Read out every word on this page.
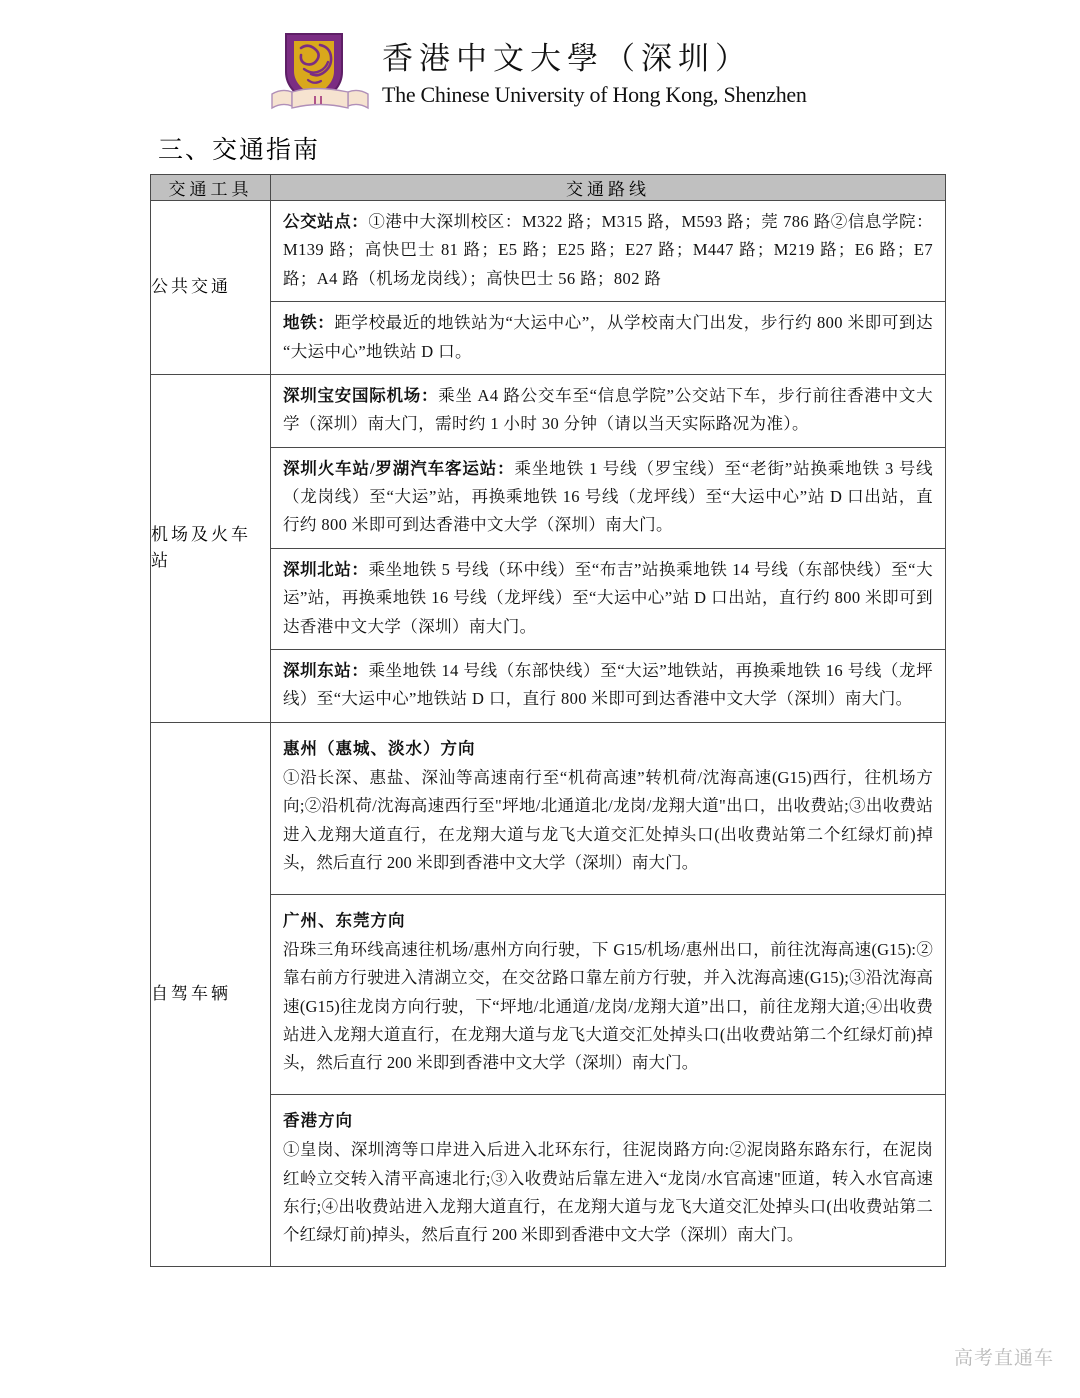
香港中文大學（深圳）
The Chinese University of Hong Kong, Shenzhen
三、交通指南
交通工具	交通路线
公共交通	公交站点：①港中大深圳校区：M322 路；M315 路，M593 路；莞 786 路②信息学院：M139 路；高快巴士 81 路；E5 路；E25 路；E27 路；M447 路；M219 路；E6 路；E7 路；A4 路（机场龙岗线）；高快巴士 56 路；802 路
地铁：距学校最近的地铁站为“大运中心”，从学校南大门出发，步行约 800 米即可到达“大运中心”地铁站 D 口。

机场及火车站	深圳宝安国际机场：乘坐 A4 路公交车至“信息学院”公交站下车，步行前往香港中文大学（深圳）南大门，需时约 1 小时 30 分钟（请以当天实际路况为准）。
深圳火车站/罗湖汽车客运站：乘坐地铁 1 号线（罗宝线）至“老街”站换乘地铁 3 号线（龙岗线）至“大运”站，再换乘地铁 16 号线（龙坪线）至“大运中心”站 D 口出站，直行约 800 米即可到达香港中文大学（深圳）南大门。
深圳北站：乘坐地铁 5 号线（环中线）至“布吉”站换乘地铁 14 号线（东部快线）至“大运”站，再换乘地铁 16 号线（龙坪线）至“大运中心”站 D 口出站，直行约 800 米即可到达香港中文大学（深圳）南大门。
深圳东站：乘坐地铁 14 号线（东部快线）至“大运”地铁站，再换乘地铁 16 号线（龙坪线）至“大运中心”地铁站 D 口，直行 800 米即可到达香港中文大学（深圳）南大门。

自驾车辆	
惠州（惠城、淡水）方向
①沿长深、惠盐、深汕等高速南行至“机荷高速”转机荷/沈海高速(G15)西行，往机场方向;②沿机荷/沈海高速西行至"坪地/北通道北/龙岗/龙翔大道"出口，出收费站;③出收费站进入龙翔大道直行，在龙翔大道与龙飞大道交汇处掉头口(出收费站第二个红绿灯前)掉头，然后直行 200 米即到香港中文大学（深圳）南大门。
广州、东莞方向
沿珠三角环线高速往机场/惠州方向行驶，下 G15/机场/惠州出口，前往沈海高速(G15):②靠右前方行驶进入清湖立交，在交岔路口靠左前方行驶，并入沈海高速(G15);③沿沈海高速(G15)往龙岗方向行驶，下“坪地/北通道/龙岗/龙翔大道”出口，前往龙翔大道;④出收费站进入龙翔大道直行，在龙翔大道与龙飞大道交汇处掉头口(出收费站第二个红绿灯前)掉头，然后直行 200 米即到香港中文大学（深圳）南大门。
香港方向
①皇岗、深圳湾等口岸进入后进入北环东行，往泥岗路方向:②泥岗路东路东行，在泥岗红岭立交转入清平高速北行;③入收费站后靠左进入“龙岗/水官高速"匝道，转入水官高速东行;④出收费站进入龙翔大道直行，在龙翔大道与龙飞大道交汇处掉头口(出收费站第二个红绿灯前)掉头，然后直行 200 米即到香港中文大学（深圳）南大门。
高考直通车
